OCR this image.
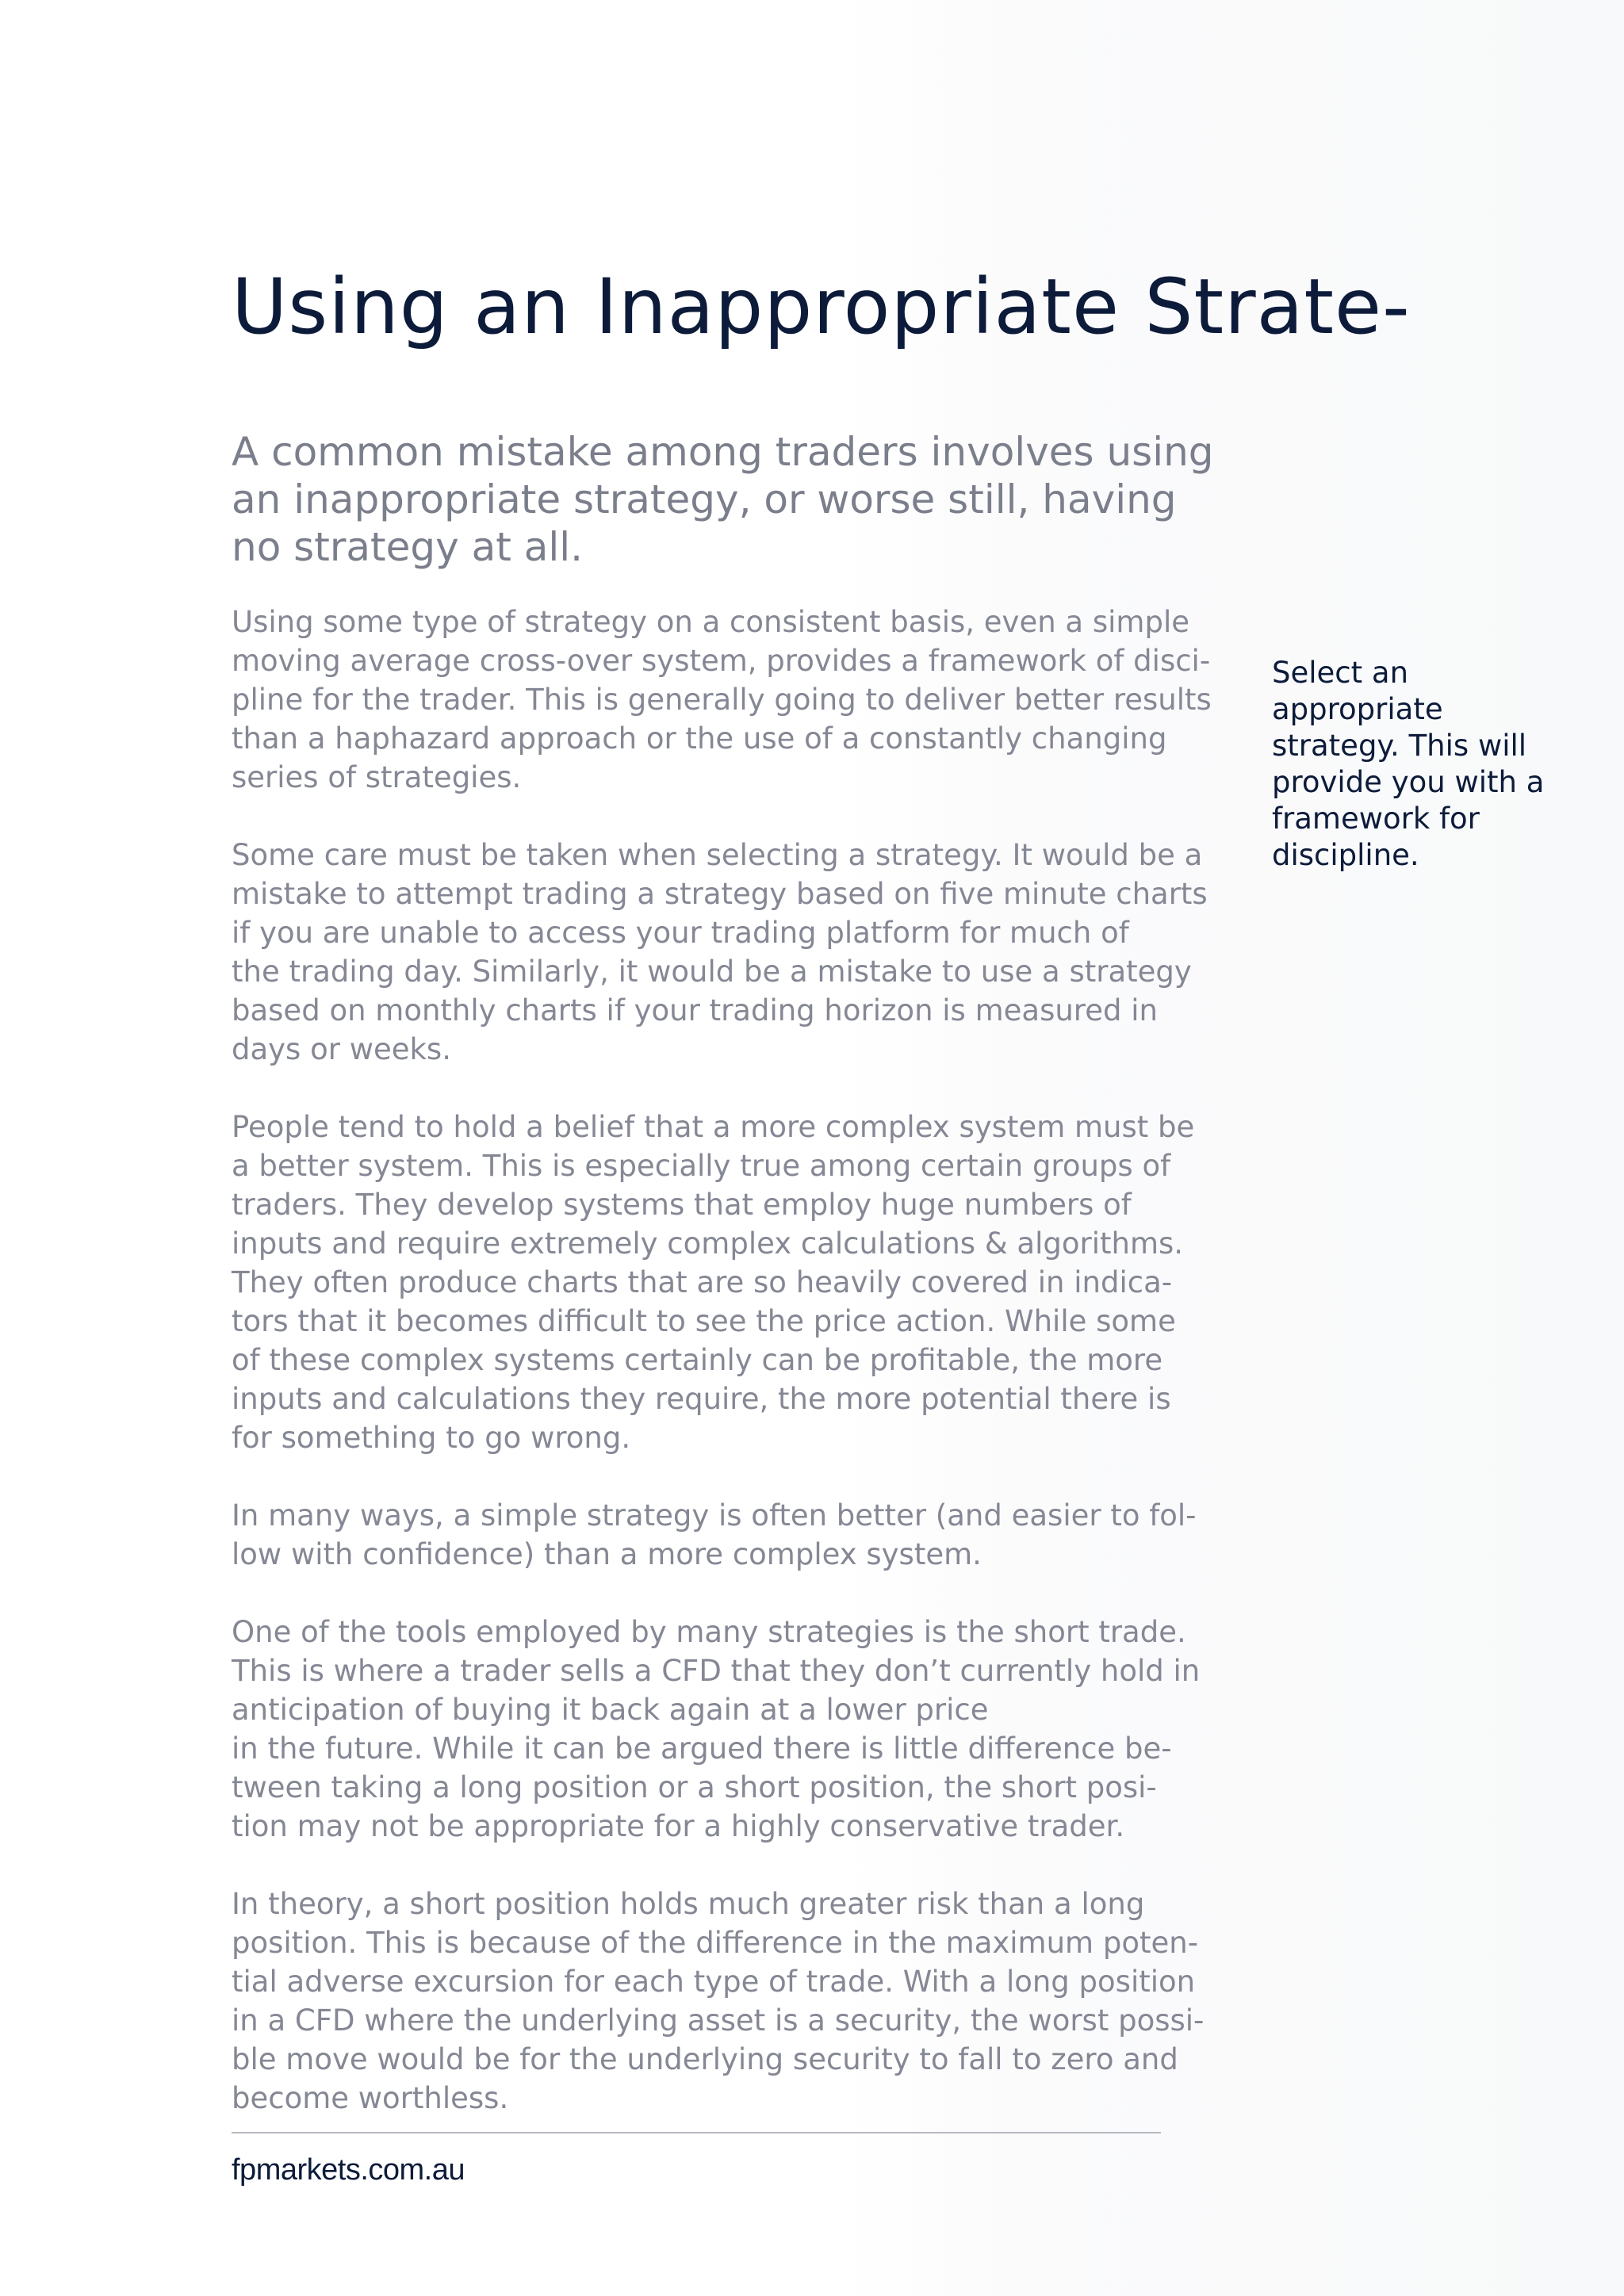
Using an Inappropriate Strate-

A common mistake among traders involves using
an inappropriate strategy, or worse still, having
no strategy at all.

Using some type of strategy on a consistent basis, even a simple
moving average cross-over system, provides a framework of disci-
pline for the trader. This is generally going to deliver better results
than a haphazard approach or the use of a constantly changing
series of strategies.

Some care must be taken when selecting a strategy. It would be a
mistake to attempt trading a strategy based on five minute charts
if you are unable to access your trading platform for much of
the trading day. Similarly, it would be a mistake to use a strategy
based on monthly charts if your trading horizon is measured in
days or weeks.

People tend to hold a belief that a more complex system must be
a better system. This is especially true among certain groups of
traders. They develop systems that employ huge numbers of
inputs and require extremely complex calculations & algorithms.
They often produce charts that are so heavily covered in indica-
tors that it becomes difficult to see the price action. While some
of these complex systems certainly can be profitable, the more
inputs and calculations they require, the more potential there is
for something to go wrong.

In many ways, a simple strategy is often better (and easier to fol-
low with confidence) than a more complex system.

One of the tools employed by many strategies is the short trade.
This is where a trader sells a CFD that they don’t currently hold in
anticipation of buying it back again at a lower price
in the future. While it can be argued there is little difference be-
tween taking a long position or a short position, the short posi-
tion may not be appropriate for a highly conservative trader.

In theory, a short position holds much greater risk than a long
position. This is because of the difference in the maximum poten-
tial adverse excursion for each type of trade. With a long position
in a CFD where the underlying asset is a security, the worst possi-
ble move would be for the underlying security to fall to zero and
become worthless.

Select an
appropriate
strategy. This will
provide you with a
framework for
discipline.

fpmarkets.com.au
